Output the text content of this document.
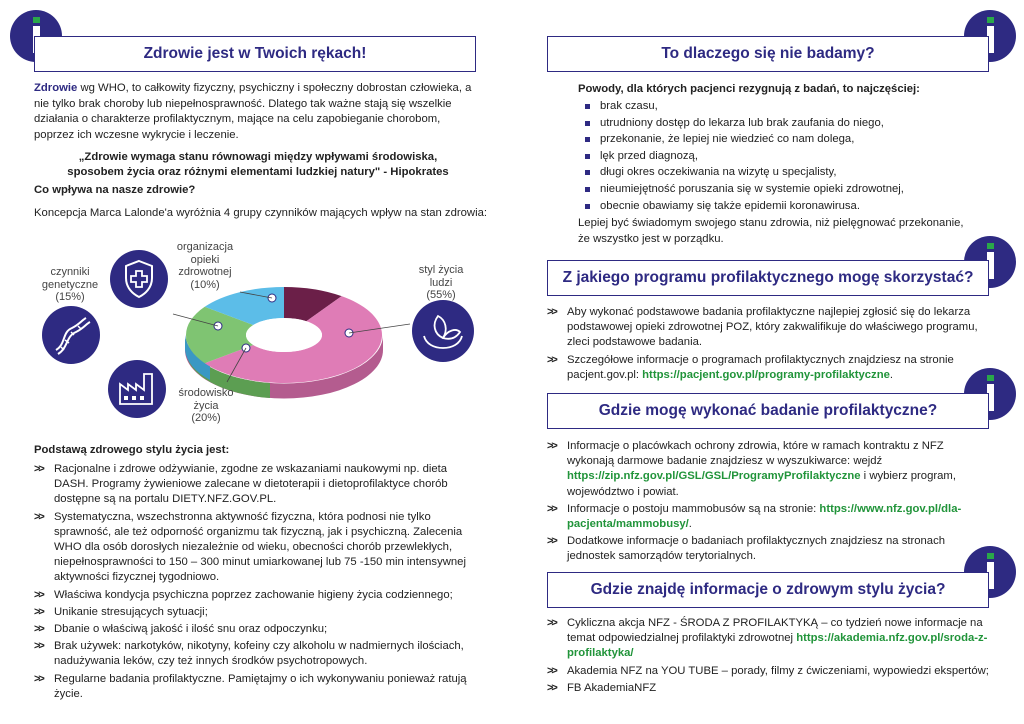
Zdrowie jest w Twoich rękach!
Zdrowie wg WHO, to całkowity fizyczny, psychiczny i społeczny dobrostan człowieka, a nie tylko brak choroby lub niepełnosprawność. Dlatego tak ważne stają się wszelkie działania o charakterze profilaktycznym, mające na celu zapobieganie chorobom, poprzez ich wczesne wykrycie i leczenie.
„Zdrowie wymaga stanu równowagi między wpływami środowiska,
sposobem życia oraz różnymi elementami ludzkiej natury" - Hipokrates
Co wpływa na nasze zdrowie?
Koncepcja Marca Lalonde'a wyróżnia 4 grupy czynników mających wpływ na stan zdrowia:
organizacja
opieki
zdrowotnej
(10%)
czynniki
genetyczne
(15%)
styl życia
ludzi
(55%)
środowisko
życia
(20%)
Podstawą zdrowego stylu życia jest:
>> Racjonalne i zdrowe odżywianie, zgodne ze wskazaniami naukowymi np. dieta DASH. Programy żywieniowe zalecane w dietoterapii i dietoprofilaktyce chorób dostępne są na portalu DIETY.NFZ.GOV.PL.
>> Systematyczna, wszechstronna aktywność fizyczna, która podnosi nie tylko sprawność, ale też odporność organizmu tak fizyczną, jak i psychiczną. Zalecenia WHO dla osób dorosłych niezależnie od wieku, obecności chorób przewlekłych, niepełnosprawności to 150 – 300 minut umiarkowanej lub 75 -150 min intensywnej aktywności fizycznej tygodniowo.
>> Właściwa kondycja psychiczna poprzez zachowanie higieny życia codziennego;
>> Unikanie stresujących sytuacji;
>> Dbanie o właściwą jakość i ilość snu oraz odpoczynku;
>> Brak używek: narkotyków, nikotyny, kofeiny czy alkoholu w nadmiernych ilościach, nadużywania leków, czy też innych środków psychotropowych.
>> Regularne badania profilaktyczne. Pamiętajmy o ich wykonywaniu ponieważ ratują życie.
To dlaczego się nie badamy?
Powody, dla których pacjenci rezygnują z badań, to najczęściej:
brak czasu,
utrudniony dostęp do lekarza lub brak zaufania do niego,
przekonanie, że lepiej nie wiedzieć co nam dolega,
lęk przed diagnozą,
długi okres oczekiwania na wizytę u specjalisty,
nieumiejętność poruszania się w systemie opieki zdrowotnej,
obecnie obawiamy się także epidemii koronawirusa.
Lepiej być świadomym swojego stanu zdrowia, niż pielęgnować przekonanie, że wszystko jest w porządku.
Z jakiego programu profilaktycznego mogę skorzystać?
>> Aby wykonać podstawowe badania profilaktyczne najlepiej zgłosić się do lekarza podstawowej opieki zdrowotnej POZ, który zakwalifikuje do właściwego programu, zleci podstawowe badania.
>> Szczegółowe informacje o programach profilaktycznych znajdziesz na stronie pacjent.gov.pl: https://pacjent.gov.pl/programy-profilaktyczne.
Gdzie mogę wykonać badanie profilaktyczne?
>> Informacje o placówkach ochrony zdrowia, które w ramach kontraktu z NFZ wykonają darmowe badanie znajdziesz w wyszukiwarce: wejdź https://zip.nfz.gov.pl/GSL/GSL/ProgramyProfilaktyczne i wybierz program, województwo i powiat.
>> Informacje o postoju mammobusów są na stronie: https://www.nfz.gov.pl/dla-pacjenta/mammobusy/.
>> Dodatkowe informacje o badaniach profilaktycznych znajdziesz na stronach jednostek samorządów terytorialnych.
Gdzie znajdę informacje o zdrowym stylu życia?
>> Cykliczna akcja NFZ - ŚRODA Z PROFILAKTYKĄ – co tydzień nowe informacje na temat odpowiedzialnej profilaktyki zdrowotnej https://akademia.nfz.gov.pl/sroda-z-profilaktyka/
>> Akademia NFZ na YOU TUBE – porady, filmy z ćwiczeniami, wypowiedzi ekspertów;
>> FB AkademiaNFZ
